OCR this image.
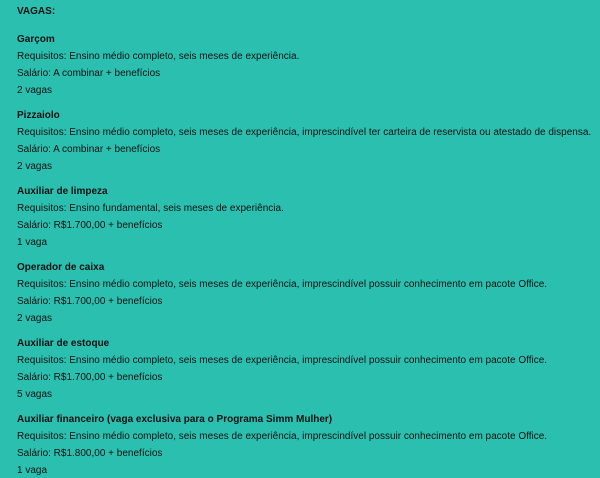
VAGAS:
Garçom
Requisitos: Ensino médio completo, seis meses de experiência.
Salário: A combinar + benefícios
2 vagas
Pizzaiolo
Requisitos: Ensino médio completo, seis meses de experiência, imprescindível ter carteira de reservista ou atestado de dispensa.
Salário: A combinar + benefícios
2 vagas
Auxiliar de limpeza
Requisitos: Ensino fundamental, seis meses de experiência.
Salário: R$1.700,00 + benefícios
1 vaga
Operador de caixa
Requisitos: Ensino médio completo, seis meses de experiência, imprescindível possuir conhecimento em pacote Office.
Salário: R$1.700,00 + benefícios
2 vagas
Auxiliar de estoque
Requisitos: Ensino médio completo, seis meses de experiência, imprescindível possuir conhecimento em pacote Office.
Salário: R$1.700,00 + benefícios
5 vagas
Auxiliar financeiro (vaga exclusiva para o Programa Simm Mulher)
Requisitos: Ensino médio completo, seis meses de experiência, imprescindível possuir conhecimento em pacote Office.
Salário: R$1.800,00 + benefícios
1 vaga
